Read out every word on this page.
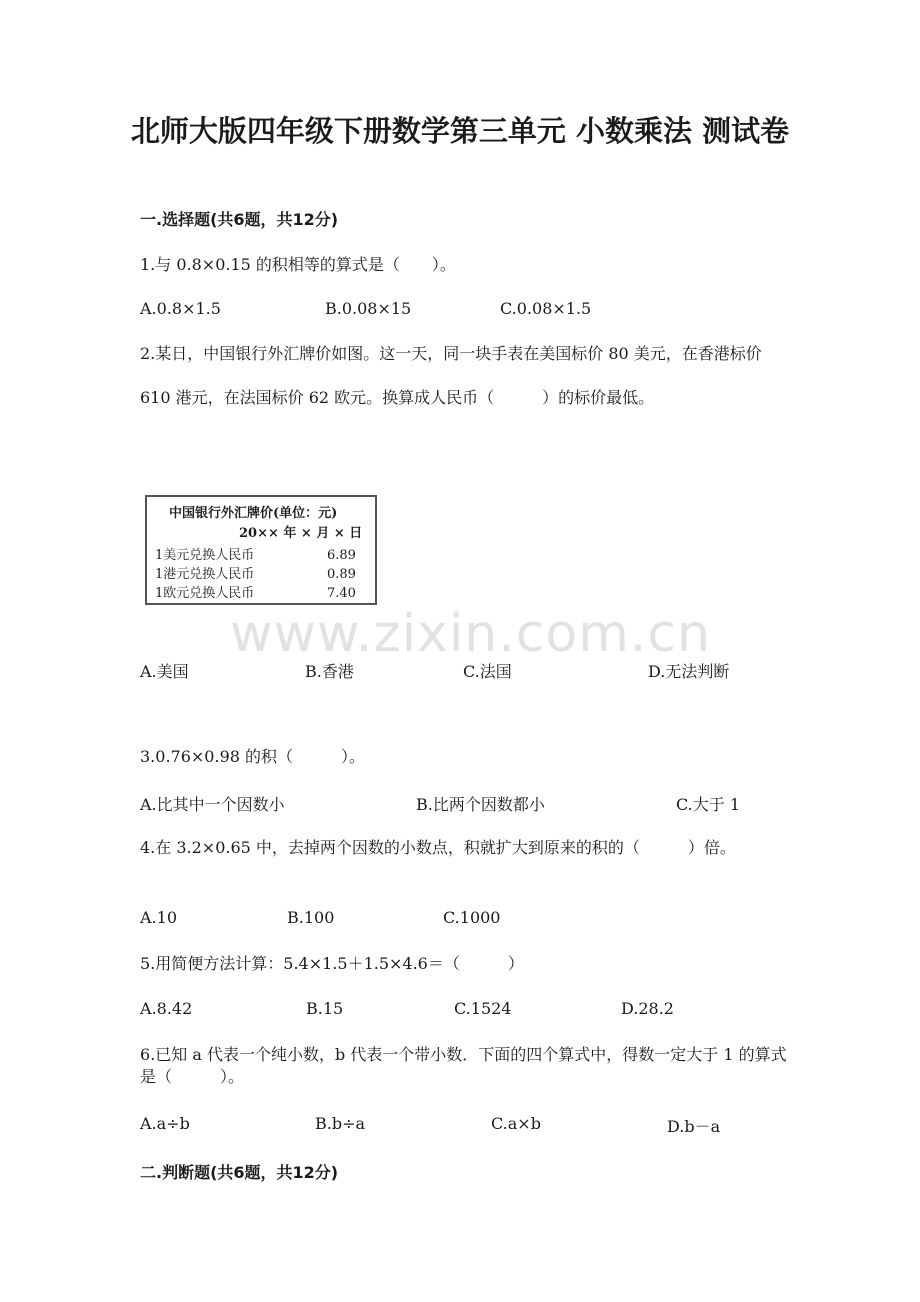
北师大版四年级下册数学第三单元 小数乘法 测试卷
一.选择题(共6题，共12分)
1.与 0.8×0.15 的积相等的算式是（　　）。
A.0.8×1.5	B.0.08×15	C.0.08×1.5
2.某日，中国银行外汇牌价如图。这一天，同一块手表在美国标价 80 美元，在香港标价 610 港元，在法国标价 62 欧元。换算成人民币（　　　）的标价最低。
中国银行外汇牌价(单位：元)
20×× 年 × 月 × 日
1美元兑换人民币	6.89
1港元兑换人民币	0.89
1欧元兑换人民币	7.40
www.zixin.com.cn
A.美国	B.香港	C.法国	D.无法判断
3.0.76×0.98 的积（　　　）。
A.比其中一个因数小	B.比两个因数都小	C.大于 1
4.在 3.2×0.65 中，去掉两个因数的小数点，积就扩大到原来的积的（　　　）倍。
A.10	B.100	C.1000
5.用简便方法计算：5.4×1.5＋1.5×4.6＝（　　　）
A.8.42	B.15	C.1524	D.28.2
6.已知 a 代表一个纯小数，b 代表一个带小数．下面的四个算式中，得数一定大于 1 的算式是（　　　）。
A.a÷b	B.b÷a	C.a×b	D.b－a
二.判断题(共6题，共12分)
